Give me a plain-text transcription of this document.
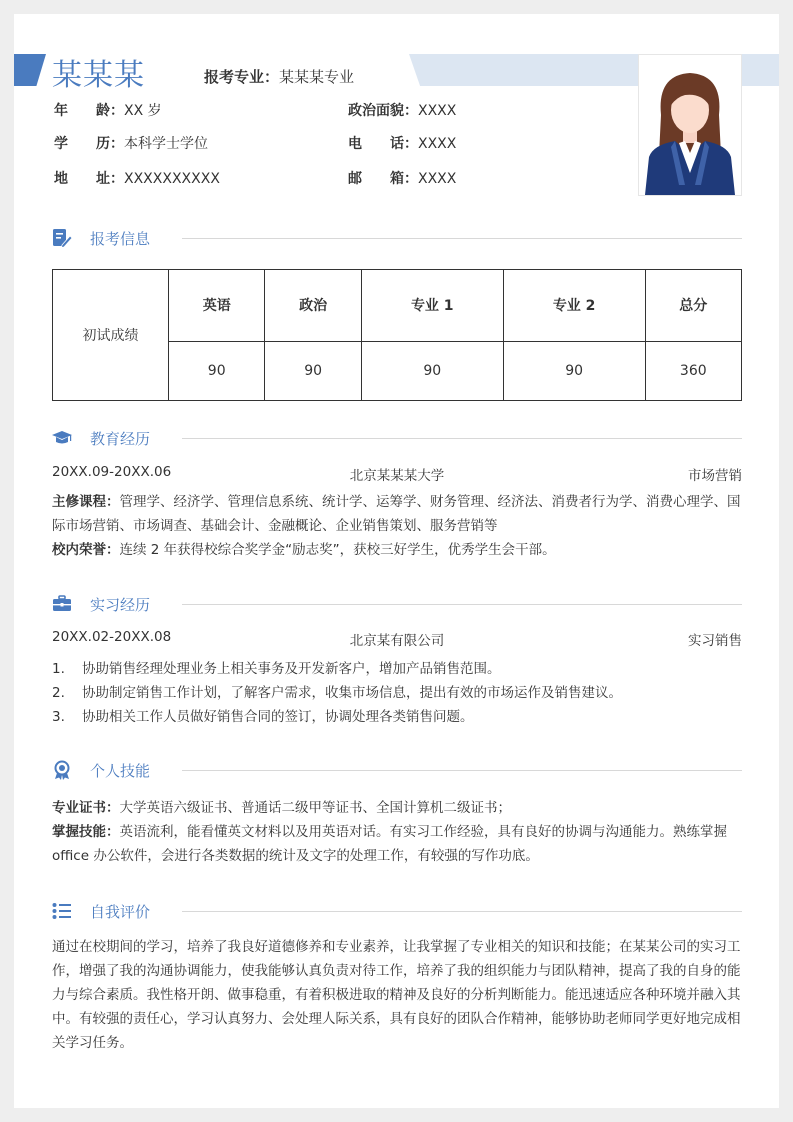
某某某	报考专业：某某某专业
年　　龄：XX 岁	政治面貌：XXXX
学　　历：本科学士学位	电　　话：XXXX
地　　址：XXXXXXXXXX	邮　　箱：XXXX
报考信息
初试成绩	英语	政治	专业 1	专业 2	总分
	90	90	90	90	360
教育经历
20XX.09-20XX.06	北京某某某大学	市场营销

主修课程：管理学、经济学、管理信息系统、统计学、运筹学、财务管理、经济法、消费者行为学、消费心理学、国际市场营销、市场调查、基础会计、金融概论、企业销售策划、服务营销等

校内荣誉：连续 2 年获得校综合奖学金“励志奖”，获校三好学生，优秀学生会干部。

实习经历
20XX.02-20XX.08	北京某有限公司	实习销售
1. 协助销售经理处理业务上相关事务及开发新客户，增加产品销售范围。
2. 协助制定销售工作计划，了解客户需求，收集市场信息，提出有效的市场运作及销售建议。
3. 协助相关工作人员做好销售合同的签订，协调处理各类销售问题。
个人技能

专业证书：大学英语六级证书、普通话二级甲等证书、全国计算机二级证书；

掌握技能：英语流利，能看懂英文材料以及用英语对话。有实习工作经验，具有良好的协调与沟通能力。熟练掌握 office 办公软件，会进行各类数据的统计及文字的处理工作，有较强的写作功底。

自我评价

通过在校期间的学习，培养了我良好道德修养和专业素养，让我掌握了专业相关的知识和技能；在某某公司的实习工作，增强了我的沟通协调能力，使我能够认真负责对待工作，培养了我的组织能力与团队精神，提高了我的自身的能力与综合素质。我性格开朗、做事稳重，有着积极进取的精神及良好的分析判断能力。能迅速适应各种环境并融入其中。有较强的责任心，学习认真努力、会处理人际关系，具有良好的团队合作精神，能够协助老师同学更好地完成相关学习任务。
